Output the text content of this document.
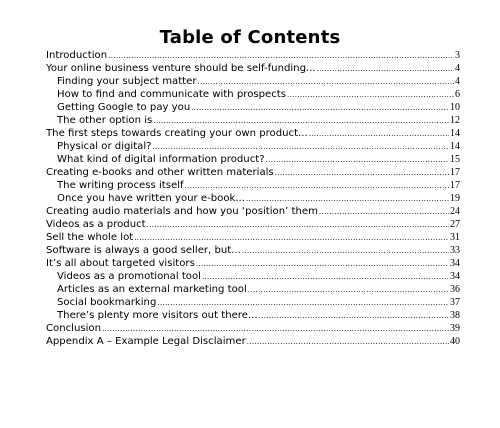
Table of Contents
Introduction .....	3
Your online business venture should be self-funding... .....	4
Finding your subject matter .....	4
How to find and communicate with prospects .....	6
Getting Google to pay you .....	10
The other option is .....	12
The first steps towards creating your own product... .....	14
Physical or digital? .....	14
What kind of digital information product? .....	15
Creating e-books and other written materials .....	17
The writing process itself .....	17
Once you have written your e-book... .....	19
Creating audio materials and how you ‘position’ them .....	24
Videos as a product .....	27
Sell the whole lot .....	31
Software is always a good seller, but... .....	33
It’s all about targeted visitors .....	34
Videos as a promotional tool .....	34
Articles as an external marketing tool .....	36
Social bookmarking .....	37
There’s plenty more visitors out there... .....	38
Conclusion .....	39
Appendix A – Example Legal Disclaimer .....	40
